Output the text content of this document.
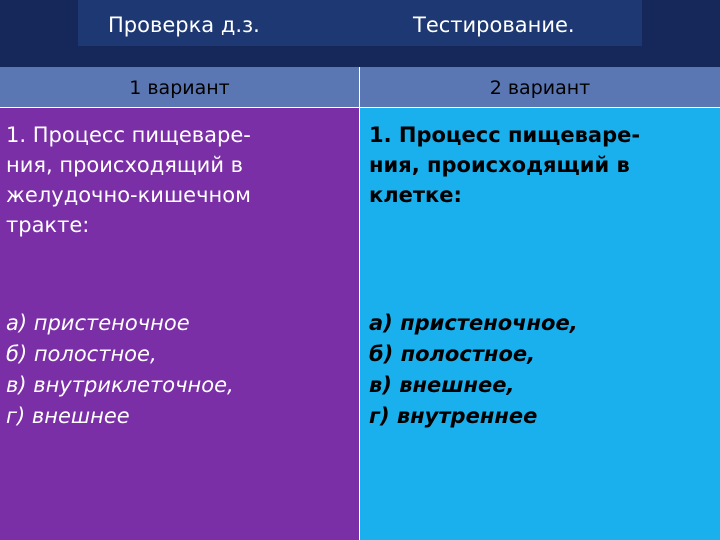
Проверка д.з.	Тестирование.
1 вариант	2 вариант

1. Процесс пищеваре-
ния, происходящий в
желудочно-кишечном
тракте:

а) пристеночное
б) полостное,
в) внутриклеточное,
г) внешнее

1. Процесс пищеваре-
ния, происходящий в
клетке:

а) пристеночное,
б) полостное,
в) внешнее,
г) внутреннее
